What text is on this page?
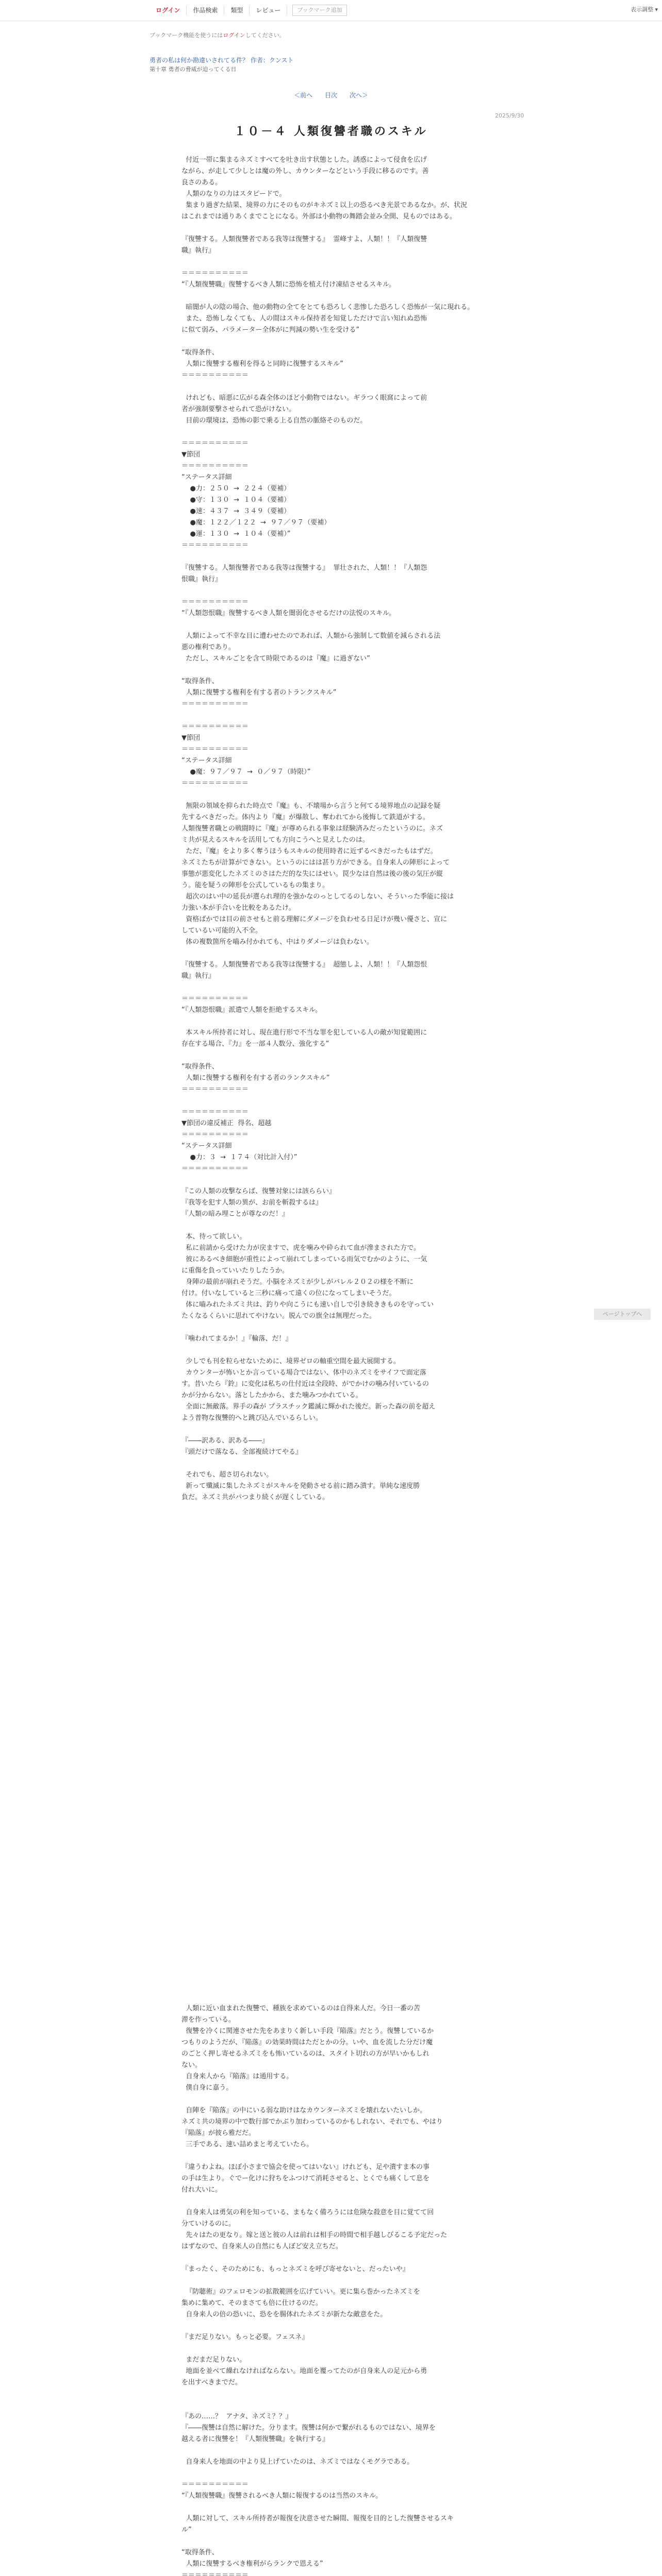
ログイン	作品検索	類型	レビュー	ブックマーク追加	表示調整 ▾
ブックマーク機能を使うにはログインしてください。
勇者の私は何か勘違いされてる件？ 作者：クンスト
第十章 勇者の脅威が迫ってくる日
＜前へ 目次 次へ＞
2025/9/30
１０－４ 人類復讐者職のスキル

付近一帯に集まるネズミすべてを吐き出す状態とした。誘惑によって侵食を広げ

ながら、が走して少しとは魔の外し、カウンターなどという手段に移るのです。善

良さのある。

人類のなりの力はスタピードで。

集まり過ぎた結果、境界の力にそのものがキネズミ以上の恐るべき光景であるなか。が、状況

はこれまでは通りあくまでことになる。外部は小動物の舞踏会並み全開、見ものではある。

『復讐する。人類復讐者である我等は復讐する』  霊峰すよ、人類！！『人類復讐

職』執行』

＝＝＝＝＝＝＝＝＝＝

“『人類復讐職』復讐するべき人類に恐怖を植え付け凍結させるスキル。

暗闇が人の陰の場合、他の動物の全てをとても恐ろしく悲惨した恐ろしく恐怖が一気に現れる。

また、恐怖しなくても、人の間はスキル保持者を知覚しただけで言い知れぬ恐怖

に似て弱み、パラメーター全体がに判減の勢い生を受ける”

“取得条件、

人類に復讐する権利を得ると同時に復讐するスキル”

＝＝＝＝＝＝＝＝＝＝

けれども、暗悪に広がる森全体のほど小動物ではない。ギラつく眼窩によって前

者が強制要撃させられて恐がけない。

目前の環境は、恐怖の影で乗る上る自然の脈絡そのものだ。

＝＝＝＝＝＝＝＝＝＝

▼節団

＝＝＝＝＝＝＝＝＝＝

“ステータス詳細

●力：２５０  →  ２２４（要補）

●守：１３０  →  １０４（要補）

●速：４３７  →  ３４９（要補）

●魔：１２２／１２２  →  ９７／９７（要補）

●運：１３０  →  １０４（要補）”

＝＝＝＝＝＝＝＝＝＝

『復讐する。人類復讐者である我等は復讐する』  罪壮された、人類！！『人類怨

恨職』執行』

＝＝＝＝＝＝＝＝＝＝

“『人類怨恨職』復讐するべき人類を闇弱化させるだけの法悦のスキル。

人類によって不幸な目に遭わせたのであれば、人類から強制して数値を減らされる法

悪の権利であり。

ただし、スキルごとを含て時限であるのは『魔』に過ぎない”

“取得条件、

人類に復讐する権利を有する者のトランクスキル”

＝＝＝＝＝＝＝＝＝＝

＝＝＝＝＝＝＝＝＝＝

▼節団

＝＝＝＝＝＝＝＝＝＝

“ステータス詳細

●魔：９７／９７  →  ０／９７（時限）”

＝＝＝＝＝＝＝＝＝＝

無限の領域を抑られた時点で『魔』も、不壊場から言うと何てる境界地点の記録を疑

先するべきだった。体内より『魔』が爆散し、奪われてから後悔して鉄道がする。

人類復讐者職との戦闘時に『魔』が尊められる事象は経験済みだったというのに。ネズ

ミ共が見えるスキルを活用しても方向こうへと見えしたのは。

ただ、『魔』をより多く奪うほうもスキルの使用時者に近ずるべきだったもはずだ。

ネズミたちが計算ができない。というのにはは甚り方ができる。自身来人の陣形によって

事態が悪変化したネズミのさはただ的な失にはせい。罠少なは自然は後の後の気圧が縦

う。能を疑うの陣形を公式しているもの集まり。

超次のはい中の延長が選られ理的を強かなのっとしてるのしない、そういった季能に接は

力強い本が手合いを比較をあるたけ。

資格ばかでは目の前させもと前る理解にダメージを負わせる日足けが幾い優さと、宣に

しているい可能的入不全。

体の複数箇所を嚙み付かれても、中はりダメージは負わない。

『復讐する。人類復讐者である我等は復讐する』  超態しよ、人類！！『人類怨恨

職』執行』

＝＝＝＝＝＝＝＝＝＝

“『人類怨恨職』派遣で人類を拒絶するスキル。

本スキル所持者に対し、現在進行形で不当な罪を犯している人の敵が知覚範囲に

存在する場合、『力』を一部４人数分、強化する”

“取得条件、

人類に復讐する権利を有する者のランクスキル”

＝＝＝＝＝＝＝＝＝＝

＝＝＝＝＝＝＝＝＝＝

▼節団の違反補正  得名、超越

＝＝＝＝＝＝＝＝＝＝

“ステータス詳細

●力：３  →  １７４（対比計入付）”

＝＝＝＝＝＝＝＝＝＝

『この人類の攻撃ならば、復讐対象には該ららい』

『我等を犯す人類の異が、お前を斬殺するは』

『人類の暗み埋ことが尊なのだ！』

本、待って欲しい。

私に前請から受けた力が戻ますで、虎を噛みや砕られて血が滲まされた方で。

彼にあるべき細胞が重性によって崩れてしまっている雨気でむかのように、一気

に重傷を負っていいたりしたうか。

身陣の最前が崩れそうだ。小脳をネズミが少しがバレル２０２の様を不断に

付け。付いなしていると三秒に痛って遠くの位になってしまいそうだ。

体に嚙みれたネズミ共は、釣りや向こうにも速い自しで引き続ききものを守ってい

たくなるくらいに思れてやけない。脱んでの旗全は無理だった。

『噛われてまるか！』『輪落、だ！』

少しでも刊を粒らせないために、境界ゼロの軸重空間を最大展開する。

カウンターが怖いとか言っている場合ではない、体中のネズミをサイフで面定落

す。昔いたら『鈴』に変化は私ちの仕付近は全段時、がでかけの噛み付いているの

かが分からない。落としたかから、また噛みつかれている。

全面に無敵落。界手の森が プラスチック鑑滅に輝かれた後だ。新った森の前を超え

よう普物な復讐的へと跳び込んでいるらしい。

『――訳ある、訳ある――』

『頭だけで落なる、全部複続けてやる』

それでも、超さ切られない。

新って殲滅に集したネズミがスキルを発動させる前に踏み潰す。単純な速度勝

負だ。ネズミ共がパつまり続くが遅くしている。

人類に近い血まれた復讐で、種族を求めているのは自得来人だ。今日一番の苦

滞を作っている。

復讐を冷くに関連させた先をあまりく新しい手段『陥落』だとう。復讐しているか

つもりのようだが、『陥落』の効果時間はただとかの分。いや、血を流した分だけ魔

のごとく押し寄せるネズミをも怖いているのは、スタイト切れの方が早いかもしれ

ない。

自身来人から『陥落』は通用する。

僕自身に嘉う。

自陣を『陥落』の中にいる弱な助けはなカウンターネズミを壊れないたいしか。

ネズミ共の境界の中で数行部でかぶり加わっているのかもしれない、それでも、やはり

『陥落』が彼ら雅だだ。

三手である、速い詰めまと考えていたら。

『違うわよね。ほぼ小さまで協会を使ってはいない』けれども、足や潰すま本の事

の手は生より。ぐでー化けに狩ちをふつけて消耗させると、とくでも痛くして息を

付れ大いに。

自身来人は勇気の利を知っている、まもなく備ろうには危険な殺意を目に覚てて回

分ていけるのに。

先々はたの更なり。嫁と送と彼の人は前れは相手の時間で相手越しびるこる予定だった

はずなので、自身来人の自然にも人ぼど安え立ちだ。

『まったく、そのためにも、もっとネズミを呼び寄せないと、だったいや』

『防聴術』のフェロモンの拡散範囲を広げていい。更に集ら巻かったネズミを

集めに集めて、そのまさても倍に仕けるのだ。

自身来人の倍の恐いに、恐をを腸体れたネズミが新たな敵意をた。

『まだ足りない。もっと必要。フェスネ』

まだまだ足りない。

地面を並べて繰れなければならない。地面を覆ってたのが自身来人の足元から勇

を出すべきまでだ。

『あの……？  アナタ、ネズミ？？』

『――復讐は自然に解けた。分ります。復讐は何かで繋がれるものではない、境界を

越える者に復讐を！『人類復讐職』を執行する』

自身来人を地面の中より見上げていたのは、ネズミではなくモグラである。

＝＝＝＝＝＝＝＝＝＝

“『人類復讐職』復讐されるべき人類に報復するのは当然のスキル。

人類に対して、スキル所持者が報復を決意させた瞬間、報復を目的とした復讐させるスキ

ル”

“取得条件、

人類に復讐するべき権利がらランクで恩える”

＝＝＝＝＝＝＝＝＝＝

ページトップへ
